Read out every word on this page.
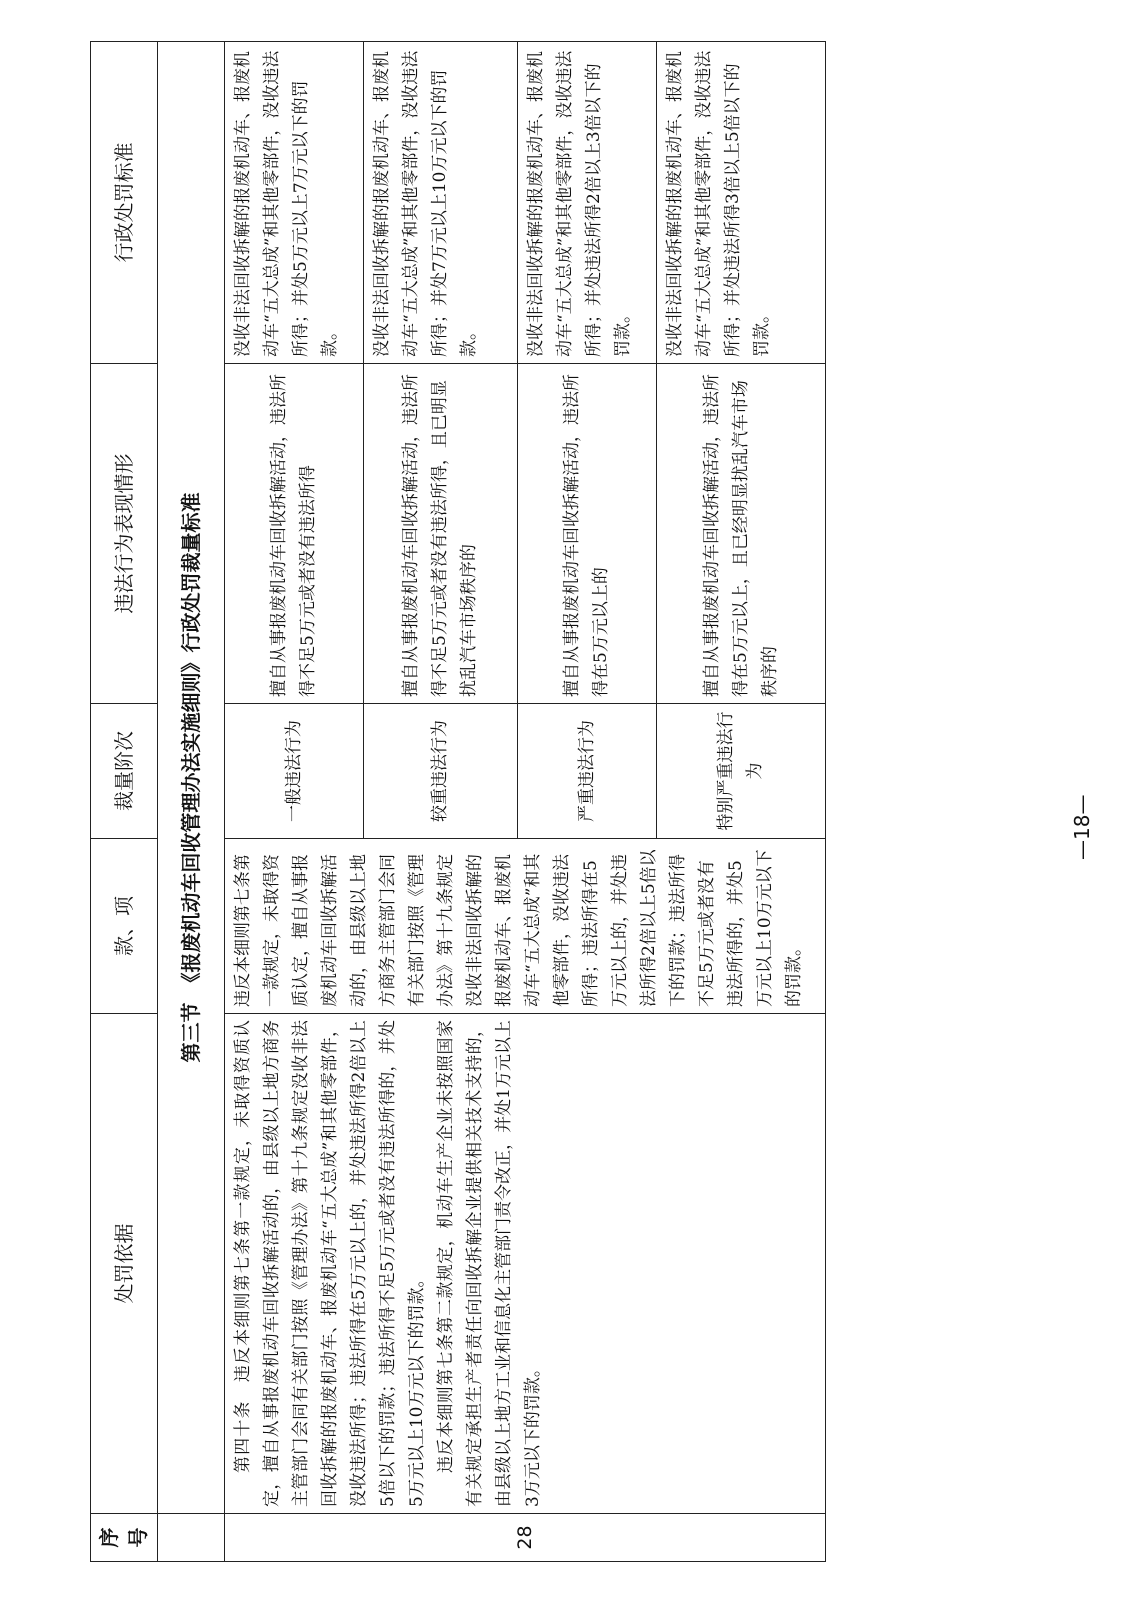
序号	处罚依据	款、项	裁量阶次	违法行为表现情形	行政处罚标准
	第三节　《报废机动车回收管理办法实施细则》行政处罚裁量标准				
28	第四十条　违反本细则第七条第一款规定，未取得资质认定，擅自从事报废机动车回收拆解活动的，由县级以上地方商务主管部门会同有关部门按照《管理办法》第十九条规定没收非法回收拆解的报废机动车、报废机动车“五大总成”和其他零部件，没收违法所得；违法所得在5万元以上的，并处违法所得2倍以上5倍以下的罚款；违法所得不足5万元或者没有违法所得的，并处5万元以上10万元以下的罚款。 违反本细则第七条第二款规定，机动车生产企业未按照国家有关规定承担生产者责任向回收拆解企业提供相关技术支持的，由县级以上地方工业和信息化主管部门责令改正，并处1万元以上3万元以下的罚款。	违反本细则第七条第一款规定，未取得资质认定，擅自从事报废机动车回收拆解活动的，由县级以上地方商务主管部门会同有关部门按照《管理办法》第十九条规定没收非法回收拆解的报废机动车、报废机动车“五大总成”和其他零部件，没收违法所得；违法所得在5万元以上的，并处违法所得2倍以上5倍以下的罚款；违法所得不足5万元或者没有违法所得的，并处5万元以上10万元以下的罚款。	一般违法行为	擅自从事报废机动车回收拆解活动，违法所得不足5万元或者没有违法所得	没收非法回收拆解的报废机动车、报废机动车“五大总成”和其他零部件，没收违法所得；并处5万元以上7万元以下的罚款。
			较重违法行为	擅自从事报废机动车回收拆解活动，违法所得不足5万元或者没有违法所得，且已明显扰乱汽车市场秩序的	没收非法回收拆解的报废机动车、报废机动车“五大总成”和其他零部件，没收违法所得；并处7万元以上10万元以下的罚款。
			严重违法行为	擅自从事报废机动车回收拆解活动，违法所得在5万元以上的	没收非法回收拆解的报废机动车、报废机动车“五大总成”和其他零部件，没收违法所得；并处违法所得2倍以上3倍以下的罚款。
			特别严重违法行为	擅自从事报废机动车回收拆解活动，违法所得在5万元以上，且已经明显扰乱汽车市场秩序的	没收非法回收拆解的报废机动车、报废机动车“五大总成”和其他零部件，没收违法所得；并处违法所得3倍以上5倍以下的罚款。
—18—
